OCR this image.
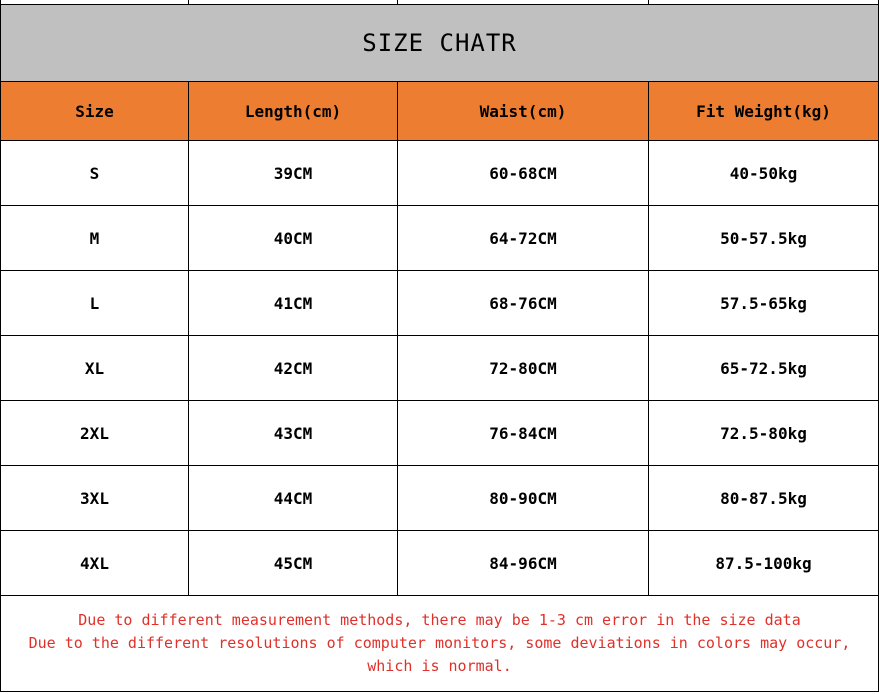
SIZE CHATR			
Size	Length(cm)	Waist(cm)	Fit Weight(kg)
S	39CM	60-68CM	40-50kg
M	40CM	64-72CM	50-57.5kg
L	41CM	68-76CM	57.5-65kg
XL	42CM	72-80CM	65-72.5kg
2XL	43CM	76-84CM	72.5-80kg
3XL	44CM	80-90CM	80-87.5kg
4XL	45CM	84-96CM	87.5-100kg

Due to different measurement methods, there may be 1-3 cm error in the size data
Due to the different resolutions of computer monitors, some deviations in colors may occur,
which is normal.			
